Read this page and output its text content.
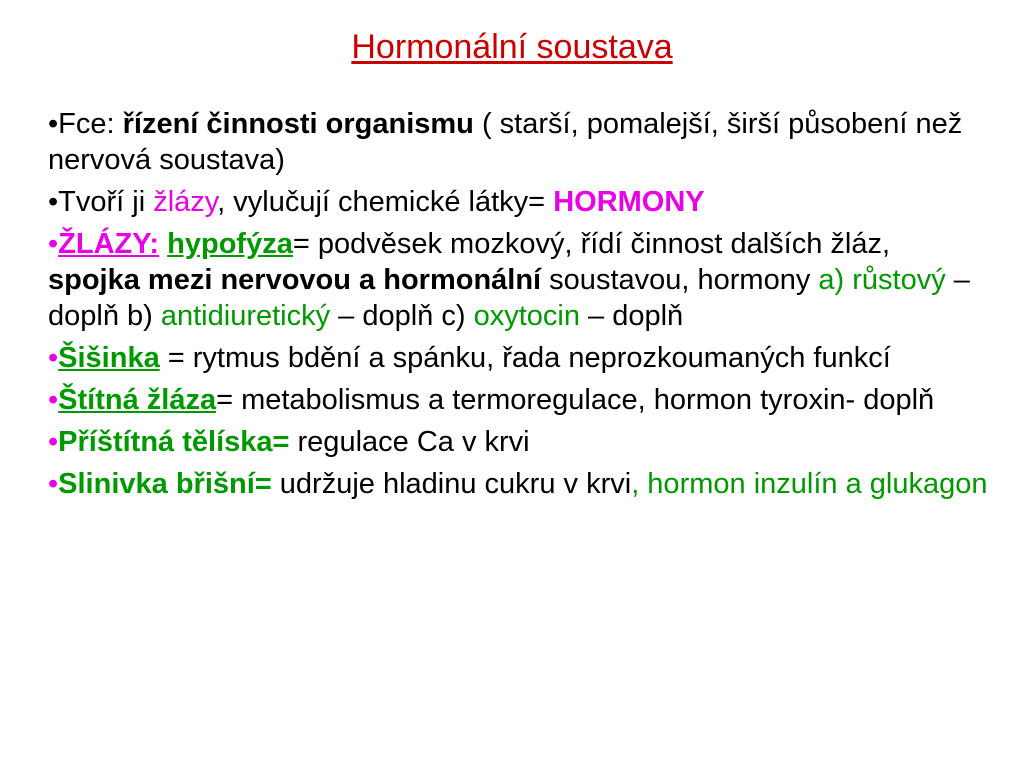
Hormonální soustava
•Fce: řízení činnosti organismu ( starší, pomalejší, širší působení než nervová soustava)
•Tvoří ji žlázy, vylučují chemické látky= HORMONY
•ŽLÁZY: hypofýza= podvěsek mozkový, řídí činnost dalších žláz, spojka mezi nervovou a hormonální soustavou, hormony a) růstový – doplň b) antidiuretický – doplň c) oxytocin – doplň
•Šišinka = rytmus bdění a spánku, řada neprozkoumaných funkcí
•Štítná žláza= metabolismus a termoregulace, hormon tyroxin- doplň
•Příštítná tělíska= regulace Ca v krvi
•Slinivka břišní= udržuje hladinu cukru v krvi, hormon inzulín a glukagon
